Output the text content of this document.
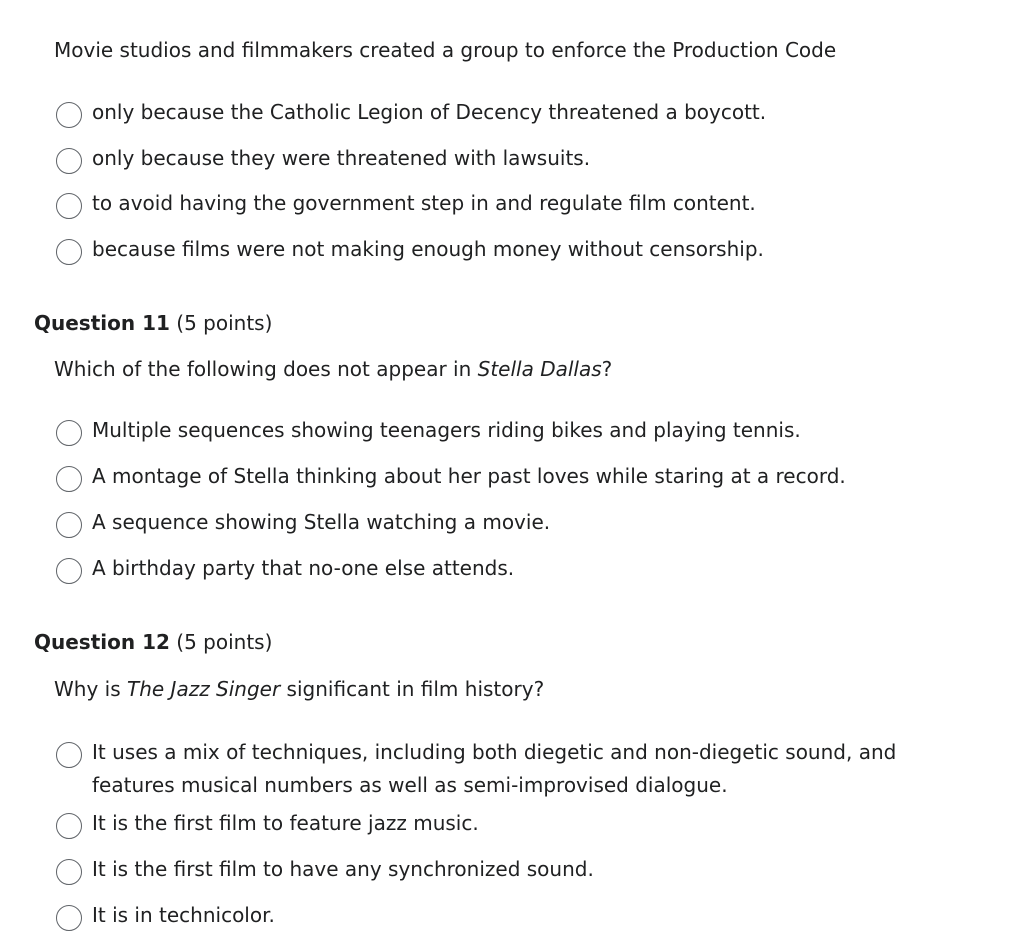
Movie studios and filmmakers created a group to enforce the Production Code
only because the Catholic Legion of Decency threatened a boycott.
only because they were threatened with lawsuits.
to avoid having the government step in and regulate film content.
because films were not making enough money without censorship.
Question 11 (5 points)
Which of the following does not appear in Stella Dallas?
Multiple sequences showing teenagers riding bikes and playing tennis.
A montage of Stella thinking about her past loves while staring at a record.
A sequence showing Stella watching a movie.
A birthday party that no-one else attends.
Question 12 (5 points)
Why is The Jazz Singer significant in film history?
It uses a mix of techniques, including both diegetic and non-diegetic sound, and features musical numbers as well as semi-improvised dialogue.
It is the first film to feature jazz music.
It is the first film to have any synchronized sound.
It is in technicolor.
